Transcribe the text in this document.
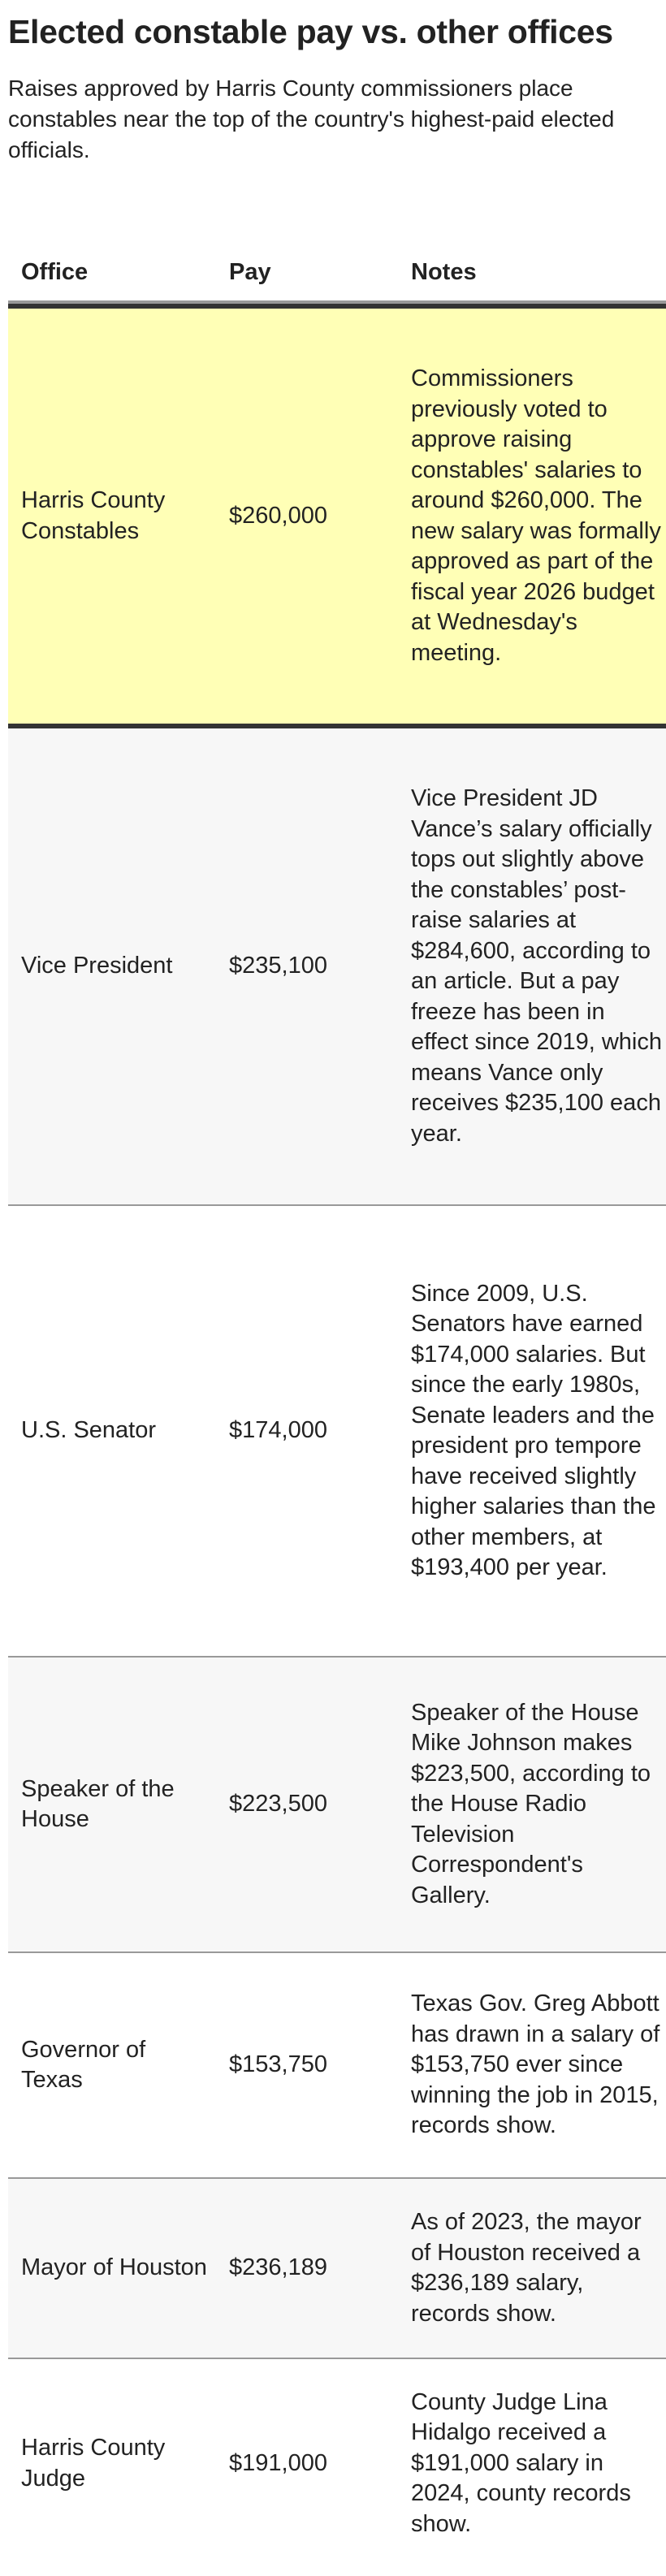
Elected constable pay vs. other offices

Raises approved by Harris County commissioners place constables near the top of the country's highest-paid elected officials.

Office	Pay	Notes

Harris County Constables	$260,000	Commissioners previously voted to approve raising constables' salaries to around $260,000. The new salary was formally approved as part of the fiscal year 2026 budget at Wednesday's meeting.
Vice President	$235,100	Vice President JD Vance’s salary officially tops out slightly above the constables’ post-raise salaries at $284,600, according to an article. But a pay freeze has been in effect since 2019, which means Vance only receives $235,100 each year.
U.S. Senator	$174,000	Since 2009, U.S. Senators have earned $174,000 salaries. But since the early 1980s, Senate leaders and the president pro tempore have received slightly higher salaries than the other members, at $193,400 per year.
Speaker of the House	$223,500	Speaker of the House Mike Johnson makes $223,500, according to the House Radio Television Correspondent's Gallery.
Governor of Texas	$153,750	Texas Gov. Greg Abbott has drawn in a salary of $153,750 ever since winning the job in 2015, records show.
Mayor of Houston	$236,189	As of 2023, the mayor of Houston received a $236,189 salary, records show.
Harris County Judge	$191,000	County Judge Lina Hidalgo received a $191,000 salary in 2024, county records show.
